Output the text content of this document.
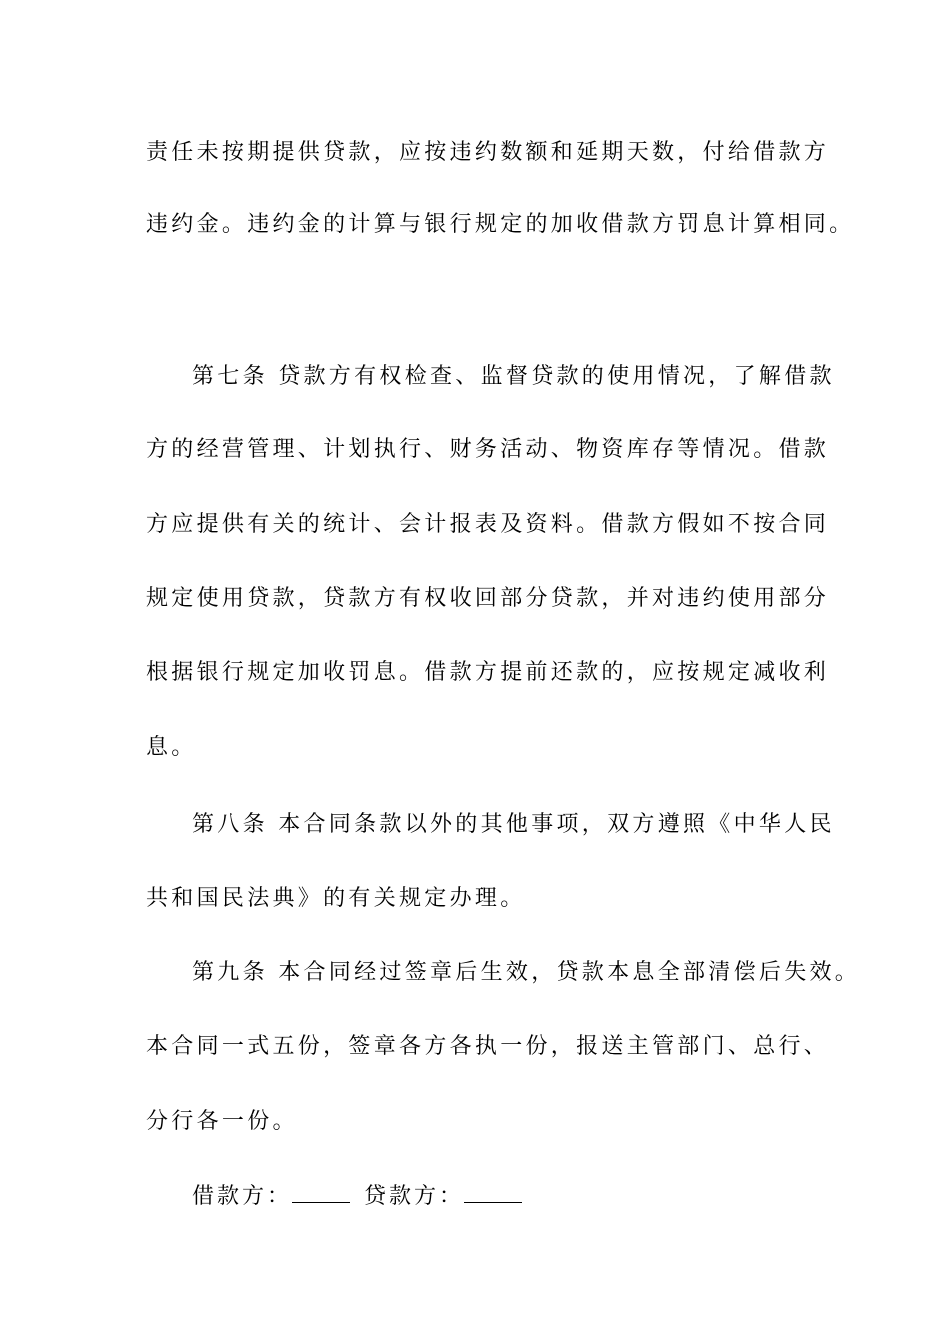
责任未按期提供贷款，应按违约数额和延期天数，付给借款方
违约金。违约金的计算与银行规定的加收借款方罚息计算相同。
第七条 贷款方有权检查、监督贷款的使用情况，了解借款
方的经营管理、计划执行、财务活动、物资库存等情况。借款
方应提供有关的统计、会计报表及资料。借款方假如不按合同
规定使用贷款，贷款方有权收回部分贷款，并对违约使用部分
根据银行规定加收罚息。借款方提前还款的，应按规定减收利
息。
第八条 本合同条款以外的其他事项，双方遵照《中华人民
共和国民法典》的有关规定办理。
第九条 本合同经过签章后生效，贷款本息全部清偿后失效。
本合同一式五份，签章各方各执一份，报送主管部门、总行、
分行各一份。
借款方：	贷款方：
